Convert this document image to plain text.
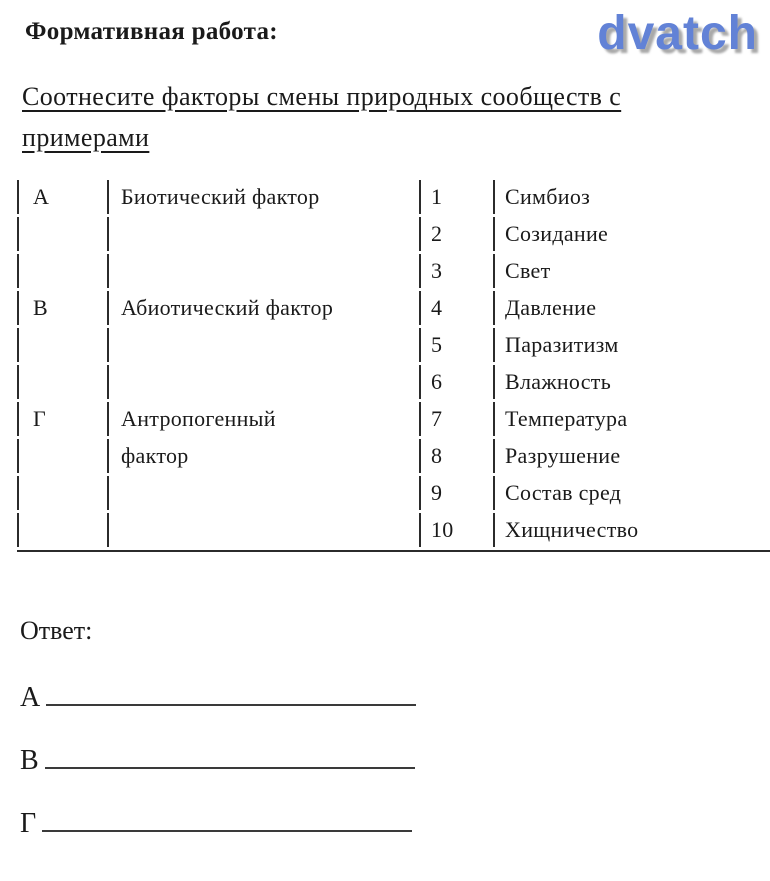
Формативная работа:	dvatch
Соотнесите факторы смены природных сообществ с
примерами
А	Биотический фактор	1	Симбиоз
		2	Созидание
		3	Свет
В	Абиотический фактор	4	Давление
		5	Паразитизм
		6	Влажность
Г	Антропогенный	7	Температура
	фактор	8	Разрушение
		9	Состав сред
		10	Хищничество
Ответ:
А
В
Г
